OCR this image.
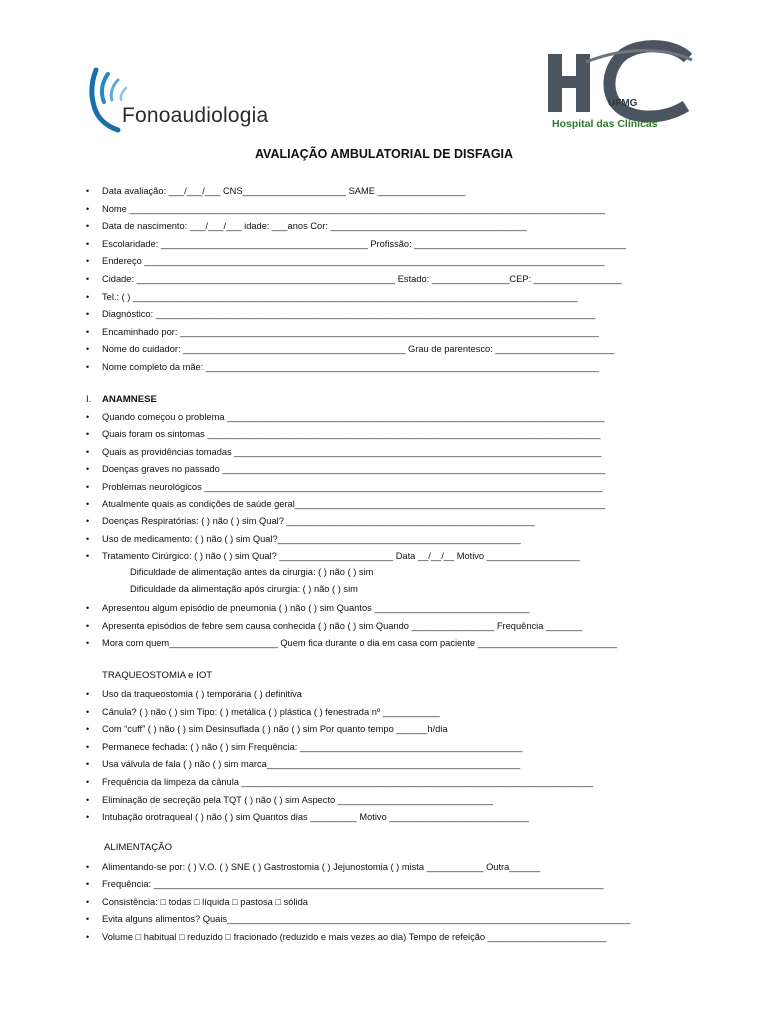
Fonoaudiologia
UFMG
Hospital das Clínicas
AVALIAÇÃO AMBULATORIAL DE DISFAGIA
• Data avaliação: ___/___/___ CNS____________________ SAME _________________
• Nome ____________________________________________________________________________________________
• Data de nascimento: ___/___/___ idade: ___anos Cor: ______________________________________
• Escolaridade: ________________________________________ Profissão: _________________________________________
• Endereço _________________________________________________________________________________________
• Cidade: __________________________________________________ Estado: _______________CEP: _________________
• Tel.: ( ) ______________________________________________________________________________________
• Diagnóstico: _____________________________________________________________________________________
• Encaminhado por: _________________________________________________________________________________
• Nome do cuidador: ___________________________________________ Grau de parentesco: _______________________
• Nome completo da mãe: ____________________________________________________________________________
I. ANAMNESE
• Quando começou o problema _________________________________________________________________________
• Quais foram os sintomas ____________________________________________________________________________
• Quais as providências tomadas _______________________________________________________________________
• Doenças graves no passado __________________________________________________________________________
• Problemas neurológicos _____________________________________________________________________________
• Atualmente quais as condições de saúde geral____________________________________________________________
• Doenças Respiratórias: ( ) não ( ) sim Qual? ________________________________________________
• Uso de medicamento: ( ) não ( ) sim Qual?_______________________________________________
• Tratamento Cirúrgico: ( ) não ( ) sim Qual? ______________________ Data __/__/__ Motivo __________________
Dificuldade de alimentação antes da cirurgia: ( ) não ( ) sim
Dificuldade da alimentação após cirurgia: ( ) não ( ) sim
• Apresentou algum episódio de pneumonia ( ) não ( ) sim Quantos ______________________________
• Apresenta episódios de febre sem causa conhecida ( ) não ( ) sim Quando ________________ Frequência _______
• Mora com quem_____________________ Quem fica durante o dia em casa com paciente ___________________________
TRAQUEOSTOMIA e IOT
• Uso da traqueostomia ( ) temporária ( ) definitiva
• Cânula? ( ) não ( ) sim Tipo: ( ) metálica ( ) plástica ( ) fenestrada nº ___________
• Com “cuff” ( ) não ( ) sim Desinsuflada ( ) não ( ) sim Por quanto tempo ______h/dia
• Permanece fechada: ( ) não ( ) sim Frequência: ___________________________________________
• Usa válvula de fala ( ) não ( ) sim marca_________________________________________________
• Frequência da limpeza da cânula ____________________________________________________________________
• Eliminação de secreção pela TQT ( ) não ( ) sim Aspecto ______________________________
• Intubação orotraqueal ( ) não ( ) sim Quantos dias _________ Motivo ___________________________
ALIMENTAÇÃO
• Alimentando-se por: ( ) V.O. ( ) SNE ( ) Gastrostomia ( ) Jejunostomia ( ) mista ___________ Outra______
• Frequência: _______________________________________________________________________________________
• Consistência: □ todas □ líquida □ pastosa □ sólida
• Evita alguns alimentos? Quais______________________________________________________________________________
• Volume □ habitual □ reduzido □ fracionado (reduzido e mais vezes ao dia) Tempo de refeição _______________________
